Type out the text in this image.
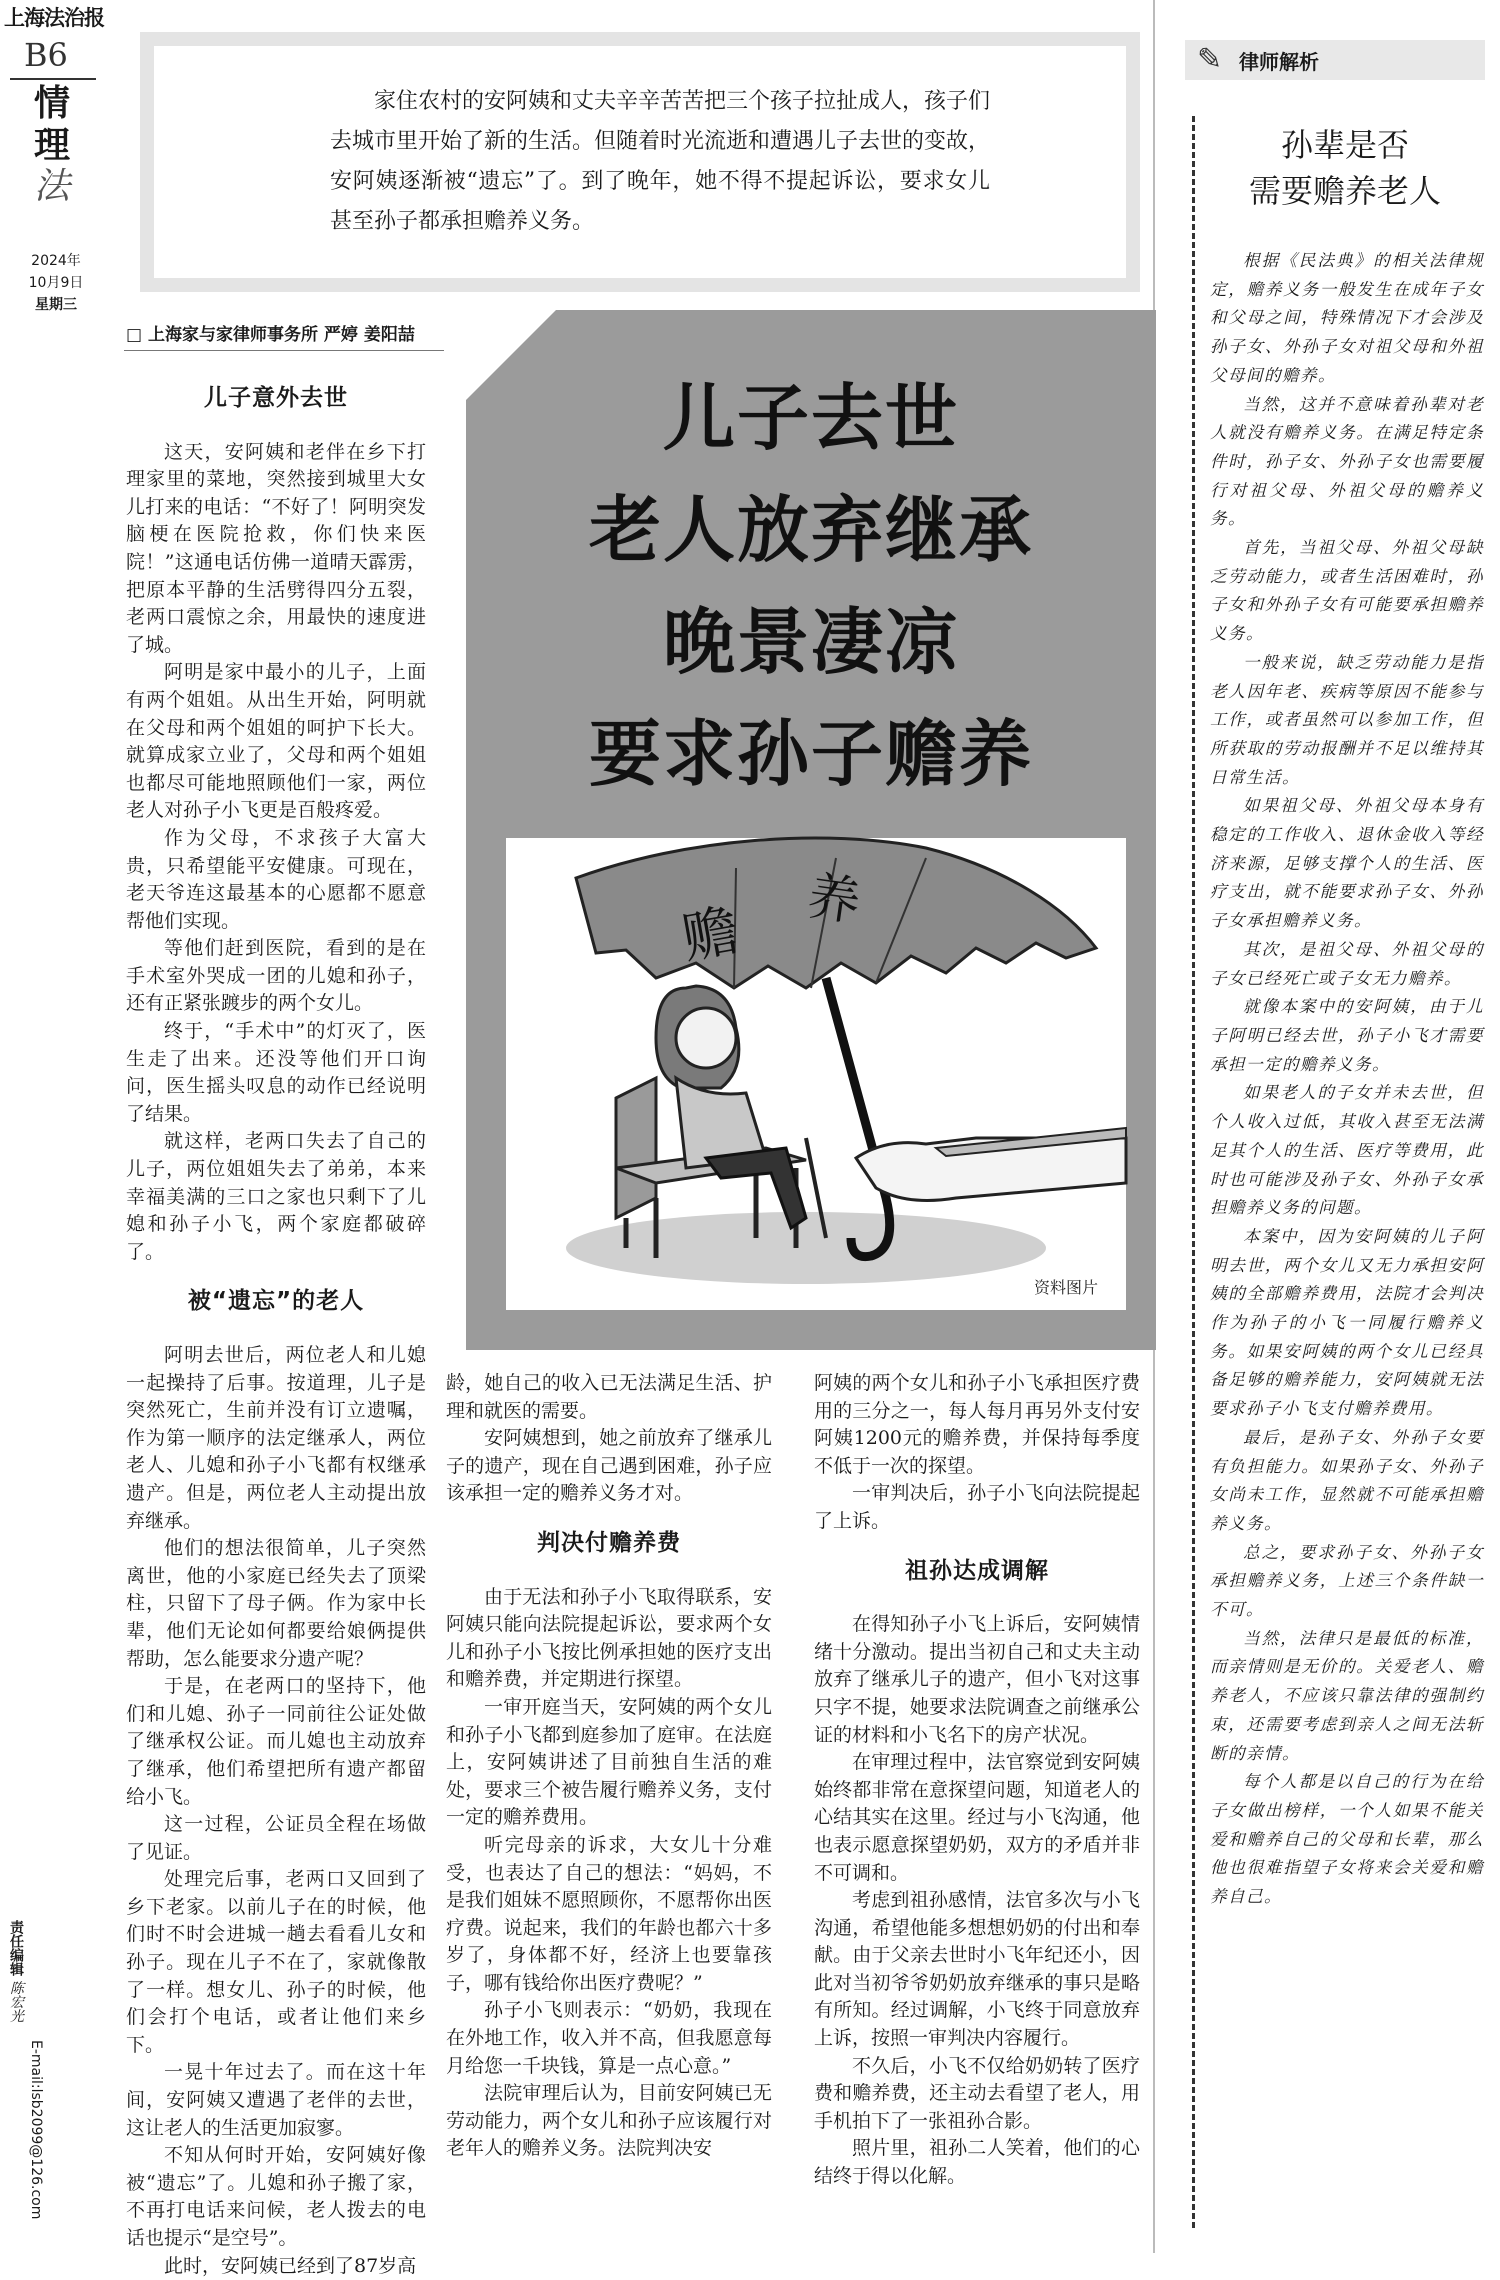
上海法治报
B6
情
理
法
2024年
10月9日
星期三
责任编辑 陈宏光
E-mail:lsb2099@126.com
家住农村的安阿姨和丈夫辛辛苦苦把三个孩子拉扯成人，孩子们去城市里开始了新的生活。但随着时光流逝和遭遇儿子去世的变故，安阿姨逐渐被“遗忘”了。到了晚年，她不得不提起诉讼，要求女儿甚至孙子都承担赡养义务。
□ 上海家与家律师事务所 严婷 姜阳喆
儿子去世
老人放弃继承
晚景凄凉
要求孙子赡养
赡 养
资料图片
儿子意外去世

这天，安阿姨和老伴在乡下打理家里的菜地，突然接到城里大女儿打来的电话：“不好了！阿明突发脑梗在医院抢救，你们快来医院！”这通电话仿佛一道晴天霹雳，把原本平静的生活劈得四分五裂，老两口震惊之余，用最快的速度进了城。

阿明是家中最小的儿子，上面有两个姐姐。从出生开始，阿明就在父母和两个姐姐的呵护下长大。就算成家立业了，父母和两个姐姐也都尽可能地照顾他们一家，两位老人对孙子小飞更是百般疼爱。

作为父母，不求孩子大富大贵，只希望能平安健康。可现在，老天爷连这最基本的心愿都不愿意帮他们实现。

等他们赶到医院，看到的是在手术室外哭成一团的儿媳和孙子，还有正紧张踱步的两个女儿。

终于，“手术中”的灯灭了，医生走了出来。还没等他们开口询问，医生摇头叹息的动作已经说明了结果。

就这样，老两口失去了自己的儿子，两位姐姐失去了弟弟，本来幸福美满的三口之家也只剩下了儿媳和孙子小飞，两个家庭都破碎了。

被“遗忘”的老人

阿明去世后，两位老人和儿媳一起操持了后事。按道理，儿子是突然死亡，生前并没有订立遗嘱，作为第一顺序的法定继承人，两位老人、儿媳和孙子小飞都有权继承遗产。但是，两位老人主动提出放弃继承。

他们的想法很简单，儿子突然离世，他的小家庭已经失去了顶梁柱，只留下了母子俩。作为家中长辈，他们无论如何都要给娘俩提供帮助，怎么能要求分遗产呢？

于是，在老两口的坚持下，他们和儿媳、孙子一同前往公证处做了继承权公证。而儿媳也主动放弃了继承，他们希望把所有遗产都留给小飞。

这一过程，公证员全程在场做了见证。

处理完后事，老两口又回到了乡下老家。以前儿子在的时候，他们时不时会进城一趟去看看儿女和孙子。现在儿子不在了，家就像散了一样。想女儿、孙子的时候，他们会打个电话，或者让他们来乡下。

一晃十年过去了。而在这十年间，安阿姨又遭遇了老伴的去世，这让老人的生活更加寂寥。

不知从何时开始，安阿姨好像被“遗忘”了。儿媳和孙子搬了家，不再打电话来问候，老人拨去的电话也提示“是空号”。

此时，安阿姨已经到了87岁高

龄，她自己的收入已无法满足生活、护理和就医的需要。

安阿姨想到，她之前放弃了继承儿子的遗产，现在自己遇到困难，孙子应该承担一定的赡养义务才对。

判决付赡养费

由于无法和孙子小飞取得联系，安阿姨只能向法院提起诉讼，要求两个女儿和孙子小飞按比例承担她的医疗支出和赡养费，并定期进行探望。

一审开庭当天，安阿姨的两个女儿和孙子小飞都到庭参加了庭审。在法庭上，安阿姨讲述了目前独自生活的难处，要求三个被告履行赡养义务，支付一定的赡养费用。

听完母亲的诉求，大女儿十分难受，也表达了自己的想法：“妈妈，不是我们姐妹不愿照顾你，不愿帮你出医疗费。说起来，我们的年龄也都六十多岁了，身体都不好，经济上也要靠孩子，哪有钱给你出医疗费呢？”

孙子小飞则表示：“奶奶，我现在在外地工作，收入并不高，但我愿意每月给您一千块钱，算是一点心意。”

法院审理后认为，目前安阿姨已无劳动能力，两个女儿和孙子应该履行对老年人的赡养义务。法院判决安

阿姨的两个女儿和孙子小飞承担医疗费用的三分之一，每人每月再另外支付安阿姨1200元的赡养费，并保持每季度不低于一次的探望。

一审判决后，孙子小飞向法院提起了上诉。

祖孙达成调解

在得知孙子小飞上诉后，安阿姨情绪十分激动。提出当初自己和丈夫主动放弃了继承儿子的遗产，但小飞对这事只字不提，她要求法院调查之前继承公证的材料和小飞名下的房产状况。

在审理过程中，法官察觉到安阿姨始终都非常在意探望问题，知道老人的心结其实在这里。经过与小飞沟通，他也表示愿意探望奶奶，双方的矛盾并非不可调和。

考虑到祖孙感情，法官多次与小飞沟通，希望他能多想想奶奶的付出和奉献。由于父亲去世时小飞年纪还小，因此对当初爷爷奶奶放弃继承的事只是略有所知。经过调解，小飞终于同意放弃上诉，按照一审判决内容履行。

不久后，小飞不仅给奶奶转了医疗费和赡养费，还主动去看望了老人，用手机拍下了一张祖孙合影。

照片里，祖孙二人笑着，他们的心结终于得以化解。

✎ 律师解析
孙辈是否
需要赡养老人

根据《民法典》的相关法律规定，赡养义务一般发生在成年子女和父母之间，特殊情况下才会涉及孙子女、外孙子女对祖父母和外祖父母间的赡养。

当然，这并不意味着孙辈对老人就没有赡养义务。在满足特定条件时，孙子女、外孙子女也需要履行对祖父母、外祖父母的赡养义务。

首先，当祖父母、外祖父母缺乏劳动能力，或者生活困难时，孙子女和外孙子女有可能要承担赡养义务。

一般来说，缺乏劳动能力是指老人因年老、疾病等原因不能参与工作，或者虽然可以参加工作，但所获取的劳动报酬并不足以维持其日常生活。

如果祖父母、外祖父母本身有稳定的工作收入、退休金收入等经济来源，足够支撑个人的生活、医疗支出，就不能要求孙子女、外孙子女承担赡养义务。

其次，是祖父母、外祖父母的子女已经死亡或子女无力赡养。

就像本案中的安阿姨，由于儿子阿明已经去世，孙子小飞才需要承担一定的赡养义务。

如果老人的子女并未去世，但个人收入过低，其收入甚至无法满足其个人的生活、医疗等费用，此时也可能涉及孙子女、外孙子女承担赡养义务的问题。

本案中，因为安阿姨的儿子阿明去世，两个女儿又无力承担安阿姨的全部赡养费用，法院才会判决作为孙子的小飞一同履行赡养义务。如果安阿姨的两个女儿已经具备足够的赡养能力，安阿姨就无法要求孙子小飞支付赡养费用。

最后，是孙子女、外孙子女要有负担能力。如果孙子女、外孙子女尚未工作，显然就不可能承担赡养义务。

总之，要求孙子女、外孙子女承担赡养义务，上述三个条件缺一不可。

当然，法律只是最低的标准，而亲情则是无价的。关爱老人、赡养老人，不应该只靠法律的强制约束，还需要考虑到亲人之间无法斩断的亲情。

每个人都是以自己的行为在给子女做出榜样，一个人如果不能关爱和赡养自己的父母和长辈，那么他也很难指望子女将来会关爱和赡养自己。
